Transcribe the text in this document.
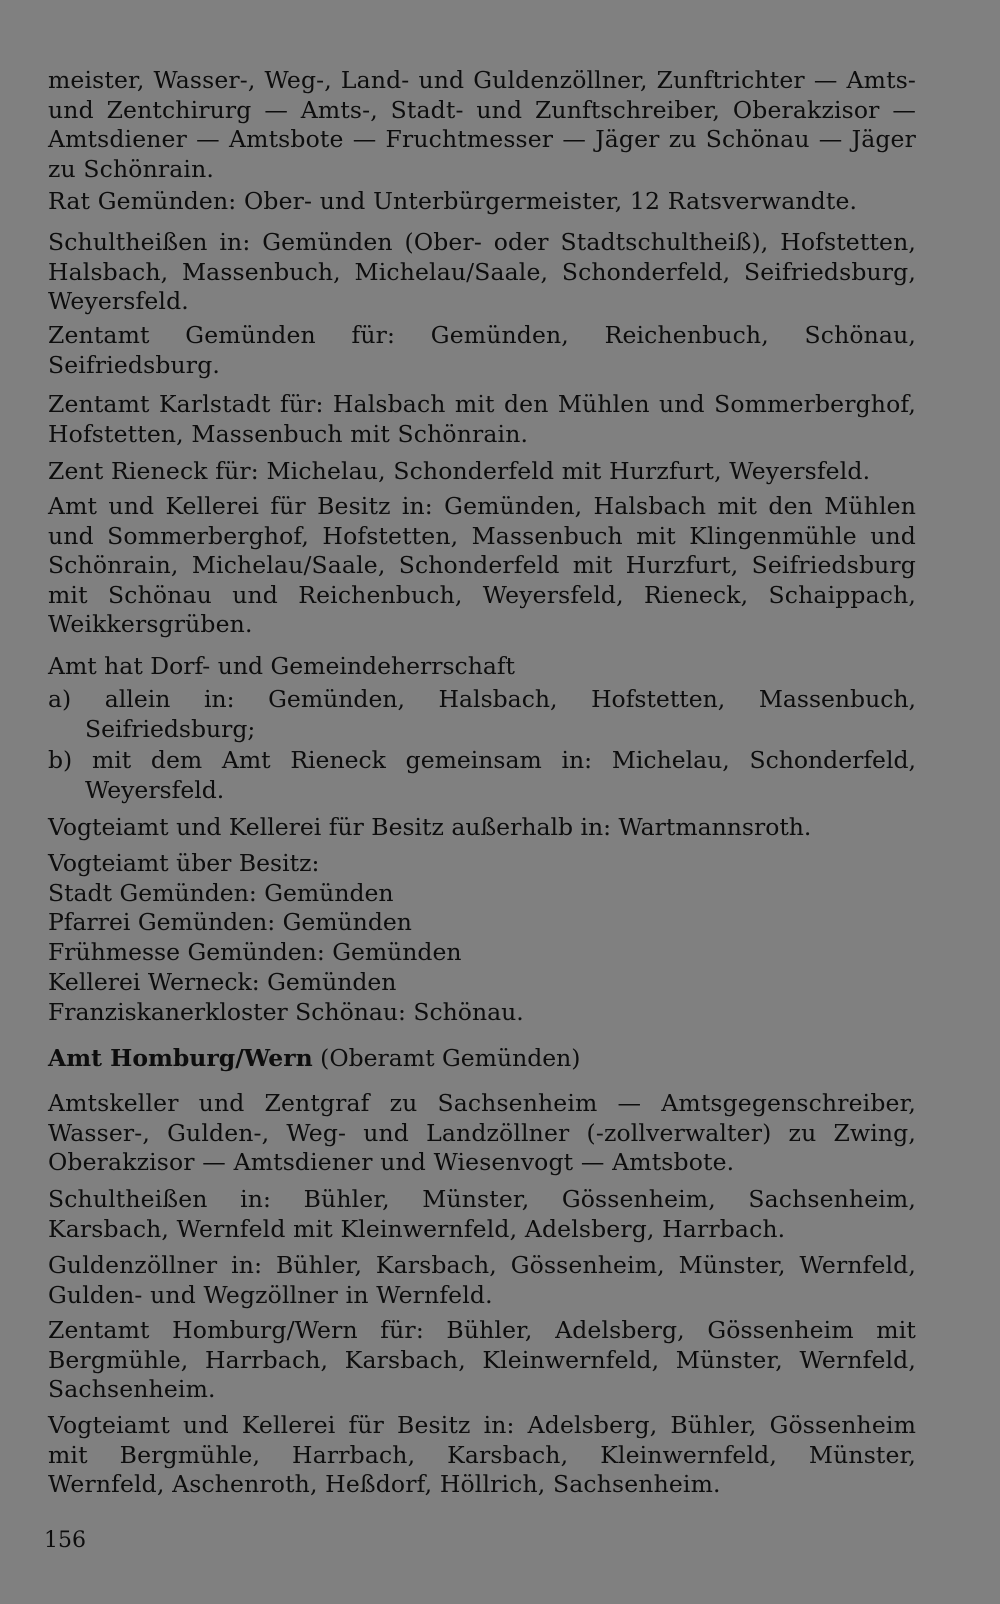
meister, Wasser-, Weg-, Land- und Guldenzöllner, Zunftrichter — Amts- und Zentchirurg — Amts-, Stadt- und Zunftschreiber, Oberakzisor — Amtsdiener — Amtsbote — Fruchtmesser — Jäger zu Schönau — Jäger zu Schönrain.

Rat Gemünden: Ober- und Unterbürgermeister, 12 Ratsverwandte.

Schultheißen in: Gemünden (Ober- oder Stadtschultheiß), Hofstetten, Halsbach, Massenbuch, Michelau/Saale, Schonderfeld, Seifriedsburg, Weyersfeld.

Zentamt Gemünden für: Gemünden, Reichenbuch, Schönau, Seifriedsburg.

Zentamt Karlstadt für: Halsbach mit den Mühlen und Sommerberghof, Hofstetten, Massenbuch mit Schönrain.

Zent Rieneck für: Michelau, Schonderfeld mit Hurzfurt, Weyersfeld.

Amt und Kellerei für Besitz in: Gemünden, Halsbach mit den Mühlen und Sommerberghof, Hofstetten, Massenbuch mit Klingenmühle und Schönrain, Michelau/Saale, Schonderfeld mit Hurzfurt, Seifriedsburg mit Schönau und Reichenbuch, Weyersfeld, Rieneck, Schaippach, Weikkersgrüben.

Amt hat Dorf- und Gemeindeherrschaft

a) allein in: Gemünden, Halsbach, Hofstetten, Massenbuch, Seifriedsburg;

b) mit dem Amt Rieneck gemeinsam in: Michelau, Schonderfeld, Weyersfeld.

Vogteiamt und Kellerei für Besitz außerhalb in: Wartmannsroth.

Vogteiamt über Besitz:

Stadt Gemünden: Gemünden

Pfarrei Gemünden: Gemünden

Frühmesse Gemünden: Gemünden

Kellerei Werneck: Gemünden

Franziskanerkloster Schönau: Schönau.

Amt Homburg/Wern (Oberamt Gemünden)

Amtskeller und Zentgraf zu Sachsenheim — Amtsgegenschreiber, Wasser-, Gulden-, Weg- und Landzöllner (-zollverwalter) zu Zwing, Oberakzisor — Amtsdiener und Wiesenvogt — Amtsbote.

Schultheißen in: Bühler, Münster, Gössenheim, Sachsenheim, Karsbach, Wernfeld mit Kleinwernfeld, Adelsberg, Harrbach.

Guldenzöllner in: Bühler, Karsbach, Gössenheim, Münster, Wernfeld, Gulden- und Wegzöllner in Wernfeld.

Zentamt Homburg/Wern für: Bühler, Adelsberg, Gössenheim mit Bergmühle, Harrbach, Karsbach, Kleinwernfeld, Münster, Wernfeld, Sachsenheim.

Vogteiamt und Kellerei für Besitz in: Adelsberg, Bühler, Gössenheim mit Bergmühle, Harrbach, Karsbach, Kleinwernfeld, Münster, Wernfeld, Aschenroth, Heßdorf, Höllrich, Sachsenheim.

156
